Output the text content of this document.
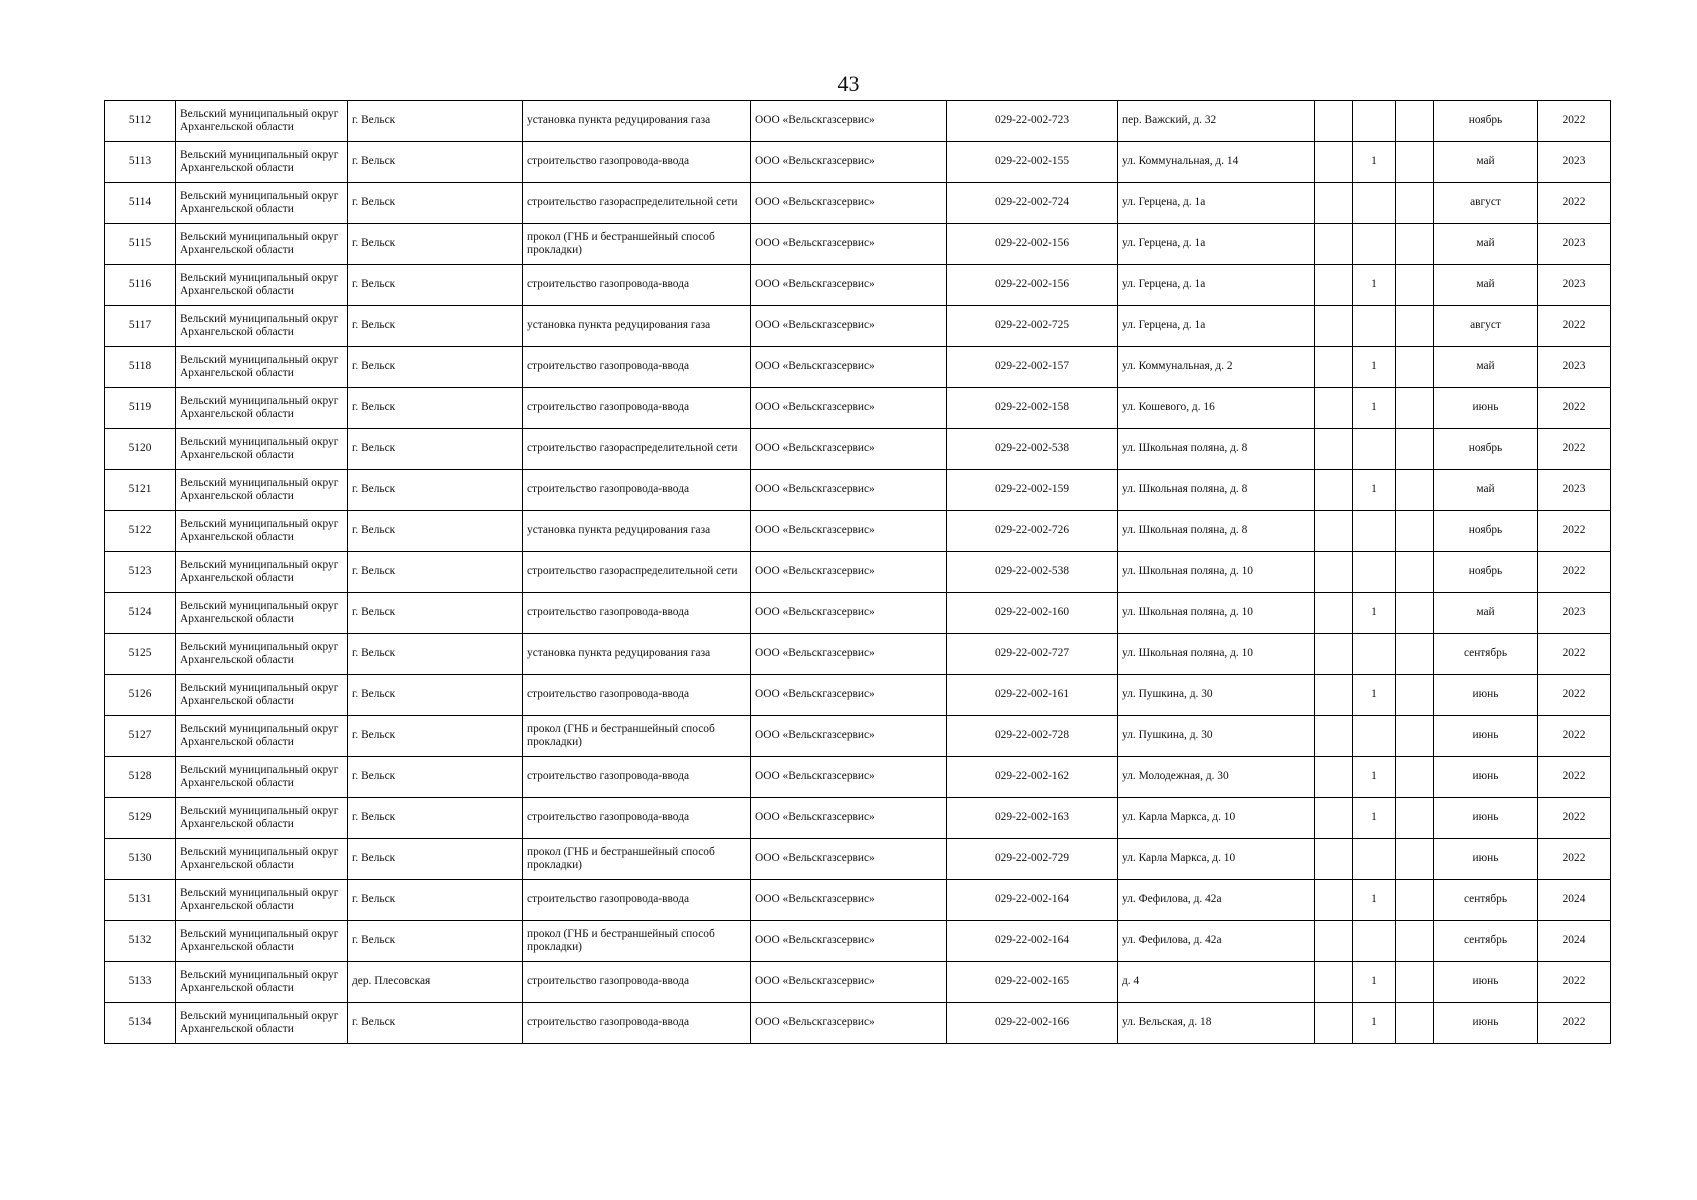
43
5112	Вельский муниципальный округ Архангельской области	г. Вельск	установка пункта редуцирования газа	ООО «Вельскгазсервис»	029-22-002-723	пер. Важский, д. 32				ноябрь	2022
5113	Вельский муниципальный округ Архангельской области	г. Вельск	строительство газопровода-ввода	ООО «Вельскгазсервис»	029-22-002-155	ул. Коммунальная, д. 14		1		май	2023
5114	Вельский муниципальный округ Архангельской области	г. Вельск	строительство газораспределительной сети	ООО «Вельскгазсервис»	029-22-002-724	ул. Герцена, д. 1а				август	2022
5115	Вельский муниципальный округ Архангельской области	г. Вельск	прокол (ГНБ и бестраншейный способ прокладки)	ООО «Вельскгазсервис»	029-22-002-156	ул. Герцена, д. 1а				май	2023
5116	Вельский муниципальный округ Архангельской области	г. Вельск	строительство газопровода-ввода	ООО «Вельскгазсервис»	029-22-002-156	ул. Герцена, д. 1а		1		май	2023
5117	Вельский муниципальный округ Архангельской области	г. Вельск	установка пункта редуцирования газа	ООО «Вельскгазсервис»	029-22-002-725	ул. Герцена, д. 1а				август	2022
5118	Вельский муниципальный округ Архангельской области	г. Вельск	строительство газопровода-ввода	ООО «Вельскгазсервис»	029-22-002-157	ул. Коммунальная, д. 2		1		май	2023
5119	Вельский муниципальный округ Архангельской области	г. Вельск	строительство газопровода-ввода	ООО «Вельскгазсервис»	029-22-002-158	ул. Кошевого, д. 16		1		июнь	2022
5120	Вельский муниципальный округ Архангельской области	г. Вельск	строительство газораспределительной сети	ООО «Вельскгазсервис»	029-22-002-538	ул. Школьная поляна, д. 8				ноябрь	2022
5121	Вельский муниципальный округ Архангельской области	г. Вельск	строительство газопровода-ввода	ООО «Вельскгазсервис»	029-22-002-159	ул. Школьная поляна, д. 8		1		май	2023
5122	Вельский муниципальный округ Архангельской области	г. Вельск	установка пункта редуцирования газа	ООО «Вельскгазсервис»	029-22-002-726	ул. Школьная поляна, д. 8				ноябрь	2022
5123	Вельский муниципальный округ Архангельской области	г. Вельск	строительство газораспределительной сети	ООО «Вельскгазсервис»	029-22-002-538	ул. Школьная поляна, д. 10				ноябрь	2022
5124	Вельский муниципальный округ Архангельской области	г. Вельск	строительство газопровода-ввода	ООО «Вельскгазсервис»	029-22-002-160	ул. Школьная поляна, д. 10		1		май	2023
5125	Вельский муниципальный округ Архангельской области	г. Вельск	установка пункта редуцирования газа	ООО «Вельскгазсервис»	029-22-002-727	ул. Школьная поляна, д. 10				сентябрь	2022
5126	Вельский муниципальный округ Архангельской области	г. Вельск	строительство газопровода-ввода	ООО «Вельскгазсервис»	029-22-002-161	ул. Пушкина, д. 30		1		июнь	2022
5127	Вельский муниципальный округ Архангельской области	г. Вельск	прокол (ГНБ и бестраншейный способ прокладки)	ООО «Вельскгазсервис»	029-22-002-728	ул. Пушкина, д. 30				июнь	2022
5128	Вельский муниципальный округ Архангельской области	г. Вельск	строительство газопровода-ввода	ООО «Вельскгазсервис»	029-22-002-162	ул. Молодежная, д. 30		1		июнь	2022
5129	Вельский муниципальный округ Архангельской области	г. Вельск	строительство газопровода-ввода	ООО «Вельскгазсервис»	029-22-002-163	ул. Карла Маркса, д. 10		1		июнь	2022
5130	Вельский муниципальный округ Архангельской области	г. Вельск	прокол (ГНБ и бестраншейный способ прокладки)	ООО «Вельскгазсервис»	029-22-002-729	ул. Карла Маркса, д. 10				июнь	2022
5131	Вельский муниципальный округ Архангельской области	г. Вельск	строительство газопровода-ввода	ООО «Вельскгазсервис»	029-22-002-164	ул. Фефилова, д. 42а		1		сентябрь	2024
5132	Вельский муниципальный округ Архангельской области	г. Вельск	прокол (ГНБ и бестраншейный способ прокладки)	ООО «Вельскгазсервис»	029-22-002-164	ул. Фефилова, д. 42а				сентябрь	2024
5133	Вельский муниципальный округ Архангельской области	дер. Плесовская	строительство газопровода-ввода	ООО «Вельскгазсервис»	029-22-002-165	д. 4		1		июнь	2022
5134	Вельский муниципальный округ Архангельской области	г. Вельск	строительство газопровода-ввода	ООО «Вельскгазсервис»	029-22-002-166	ул. Вельская, д. 18		1		июнь	2022
